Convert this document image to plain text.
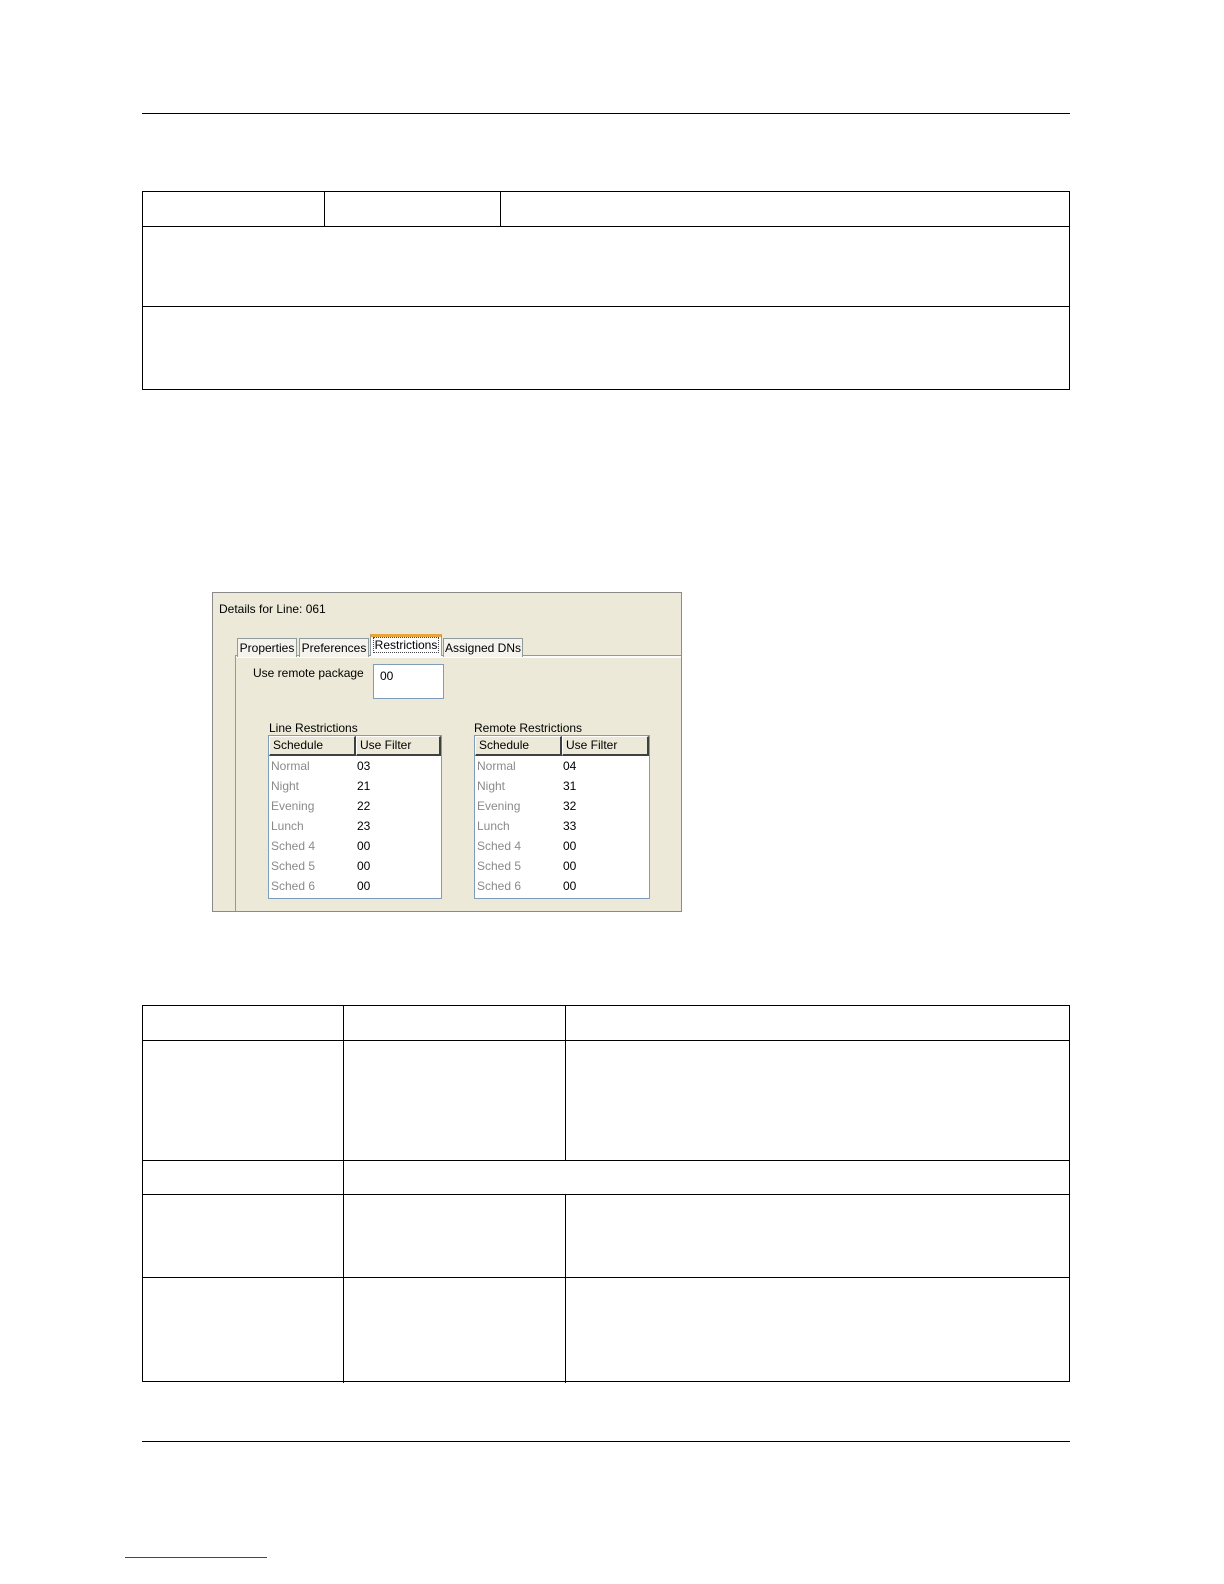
Details for Line: 061
Properties Preferences Restrictions Assigned DNs
Use remote package	00
Line Restrictions
Schedule	Use Filter
Normal	03
Night	21
Evening	22
Lunch	23
Sched 4	00
Sched 5	00
Sched 6	00
Remote Restrictions
Schedule	Use Filter
Normal	04
Night	31
Evening	32
Lunch	33
Sched 4	00
Sched 5	00
Sched 6	00
